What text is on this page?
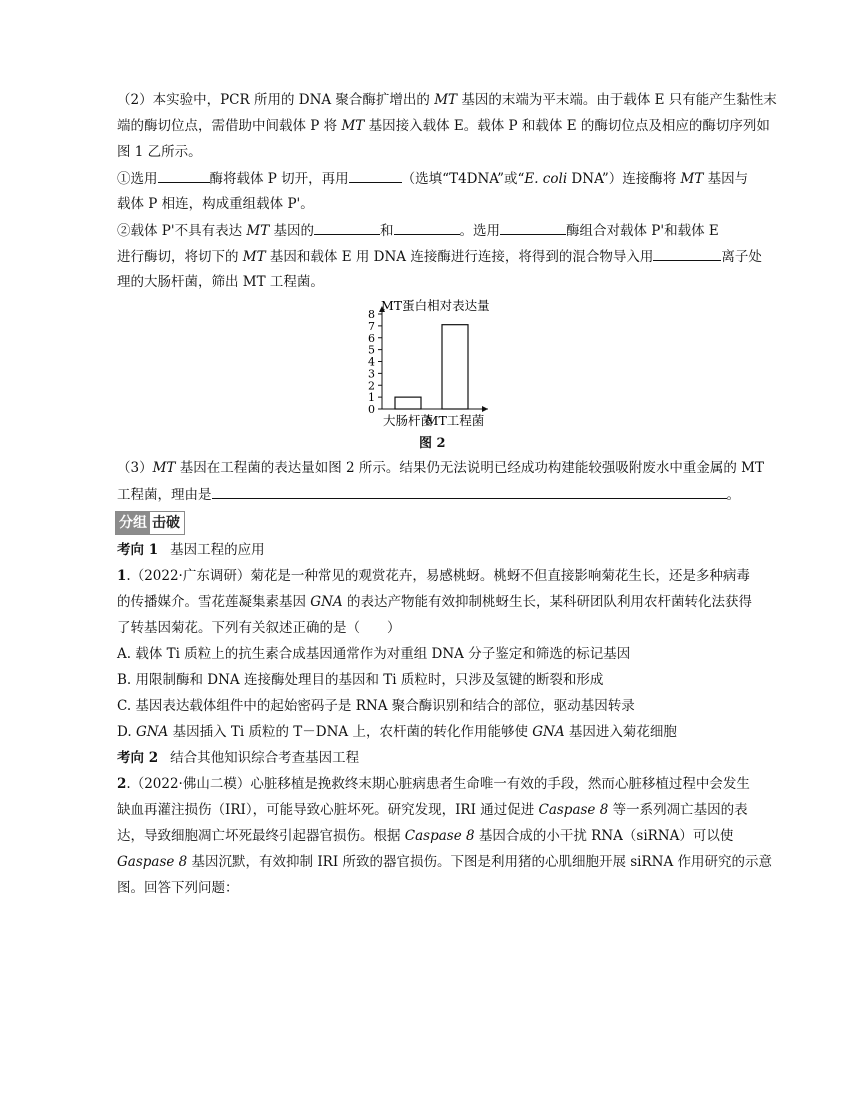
（2）本实验中，PCR 所用的 DNA 聚合酶扩增出的 MT 基因的末端为平末端。由于载体 E 只有能产生黏性末
端的酶切位点，需借助中间载体 P 将 MT 基因接入载体 E。载体 P 和载体 E 的酶切位点及相应的酶切序列如
图 1 乙所示。
①选用	酶将载体 P 切开，再用	（选填“T4DNA”或“E. coli DNA”）连接酶将 MT 基因与
载体 P 相连，构成重组载体 P'。
②载体 P'不具有表达 MT 基因的	和	。选用	酶组合对载体 P'和载体 E
进行酶切，将切下的 MT 基因和载体 E 用 DNA 连接酶进行连接，将得到的混合物导入用	离子处
理的大肠杆菌，筛出 MT 工程菌。
0
1
2
3
4
5
6
7
8
大肠杆菌
MT工程菌
MT蛋白相对表达量
图 2
（3）MT 基因在工程菌的表达量如图 2 所示。结果仍无法说明已经成功构建能较强吸附废水中重金属的 MT
工程菌，理由是	。
分组 击破
考向 1 基因工程的应用
1.（2022·广东调研）菊花是一种常见的观赏花卉，易感桃蚜。桃蚜不但直接影响菊花生长，还是多种病毒
的传播媒介。雪花莲凝集素基因 GNA 的表达产物能有效抑制桃蚜生长，某科研团队利用农杆菌转化法获得
了转基因菊花。下列有关叙述正确的是（　　）
A. 载体 Ti 质粒上的抗生素合成基因通常作为对重组 DNA 分子鉴定和筛选的标记基因
B. 用限制酶和 DNA 连接酶处理目的基因和 Ti 质粒时，只涉及氢键的断裂和形成
C. 基因表达载体组件中的起始密码子是 RNA 聚合酶识别和结合的部位，驱动基因转录
D. GNA 基因插入 Ti 质粒的 T－DNA 上，农杆菌的转化作用能够使 GNA 基因进入菊花细胞
考向 2 结合其他知识综合考查基因工程
2.（2022·佛山二模）心脏移植是挽救终末期心脏病患者生命唯一有效的手段，然而心脏移植过程中会发生
缺血再灌注损伤（IRI），可能导致心脏坏死。研究发现，IRI 通过促进 Caspase 8 等一系列凋亡基因的表
达，导致细胞凋亡坏死最终引起器官损伤。根据 Caspase 8 基因合成的小干扰 RNA（siRNA）可以使
Gaspase 8 基因沉默，有效抑制 IRI 所致的器官损伤。下图是利用猪的心肌细胞开展 siRNA 作用研究的示意
图。回答下列问题：
